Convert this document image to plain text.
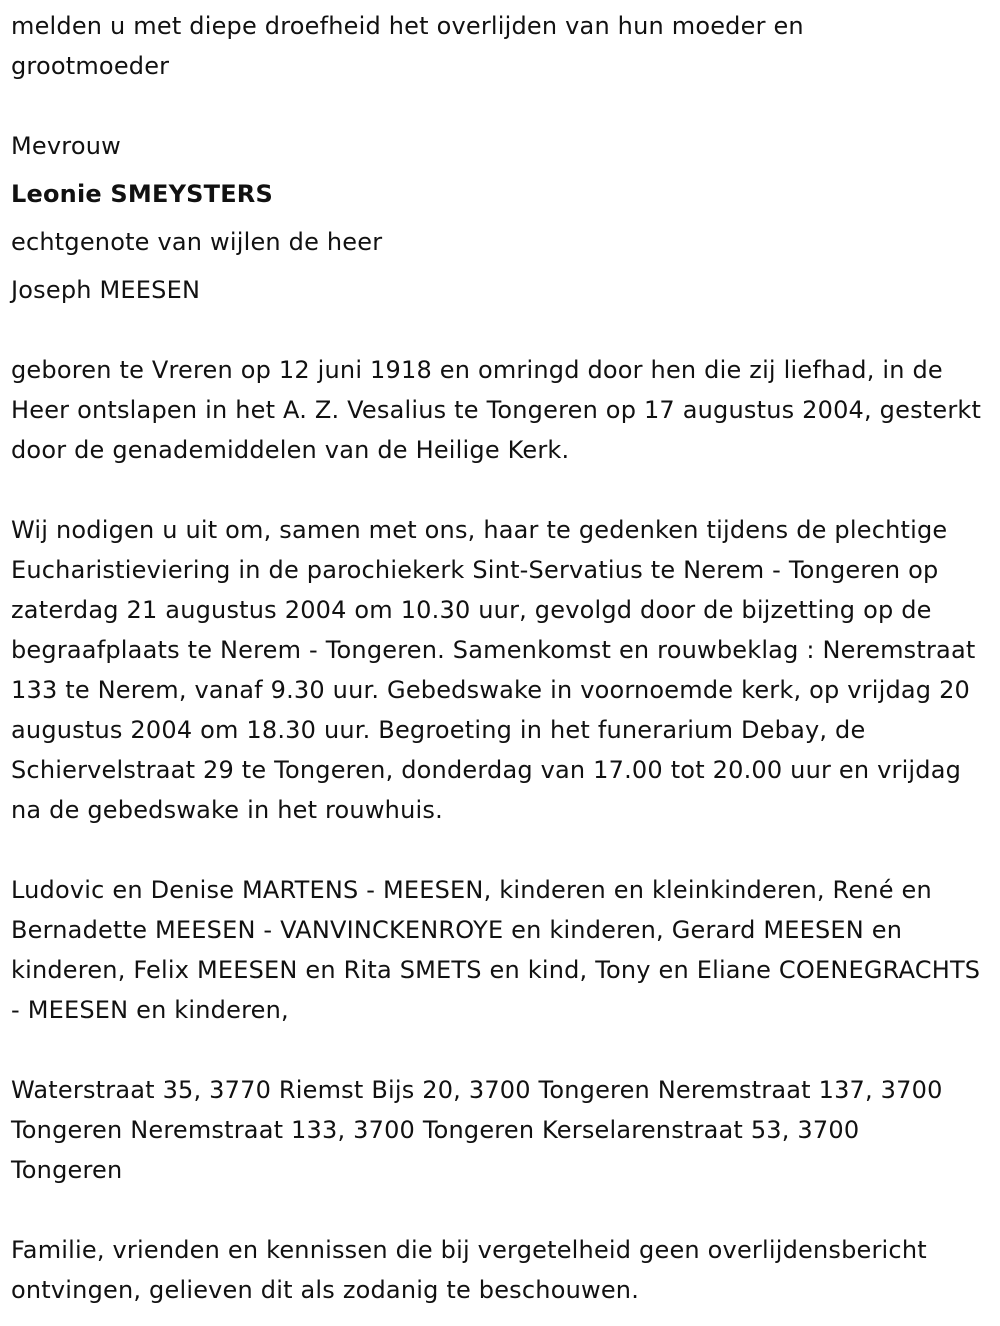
melden u met diepe droefheid het overlijden van hun moeder en grootmoeder
Mevrouw
Leonie SMEYSTERS
echtgenote van wijlen de heer
Joseph MEESEN
geboren te Vreren op 12 juni 1918 en omringd door hen die zij liefhad, in de Heer ontslapen in het A. Z. Vesalius te Tongeren op 17 augustus 2004, gesterkt door de genademiddelen van de Heilige Kerk.
Wij nodigen u uit om, samen met ons, haar te gedenken tijdens de plechtige Eucharistieviering in de parochiekerk Sint-Servatius te Nerem - Tongeren op zaterdag 21 augustus 2004 om 10.30 uur, gevolgd door de bijzetting op de begraafplaats te Nerem - Tongeren. Samenkomst en rouwbeklag : Neremstraat 133 te Nerem, vanaf 9.30 uur. Gebedswake in voornoemde kerk, op vrijdag 20 augustus 2004 om 18.30 uur. Begroeting in het funerarium Debay, de Schiervelstraat 29 te Tongeren, donderdag van 17.00 tot 20.00 uur en vrijdag na de gebedswake in het rouwhuis.
Ludovic en Denise MARTENS - MEESEN, kinderen en kleinkinderen, René en Bernadette MEESEN - VANVINCKENROYE en kinderen, Gerard MEESEN en kinderen, Felix MEESEN en Rita SMETS en kind, Tony en Eliane COENEGRACHTS - MEESEN en kinderen,
Waterstraat 35, 3770 Riemst Bijs 20, 3700 Tongeren Neremstraat 137, 3700 Tongeren Neremstraat 133, 3700 Tongeren Kerselarenstraat 53, 3700 Tongeren
Familie, vrienden en kennissen die bij vergetelheid geen overlijdensbericht ontvingen, gelieven dit als zodanig te beschouwen.
